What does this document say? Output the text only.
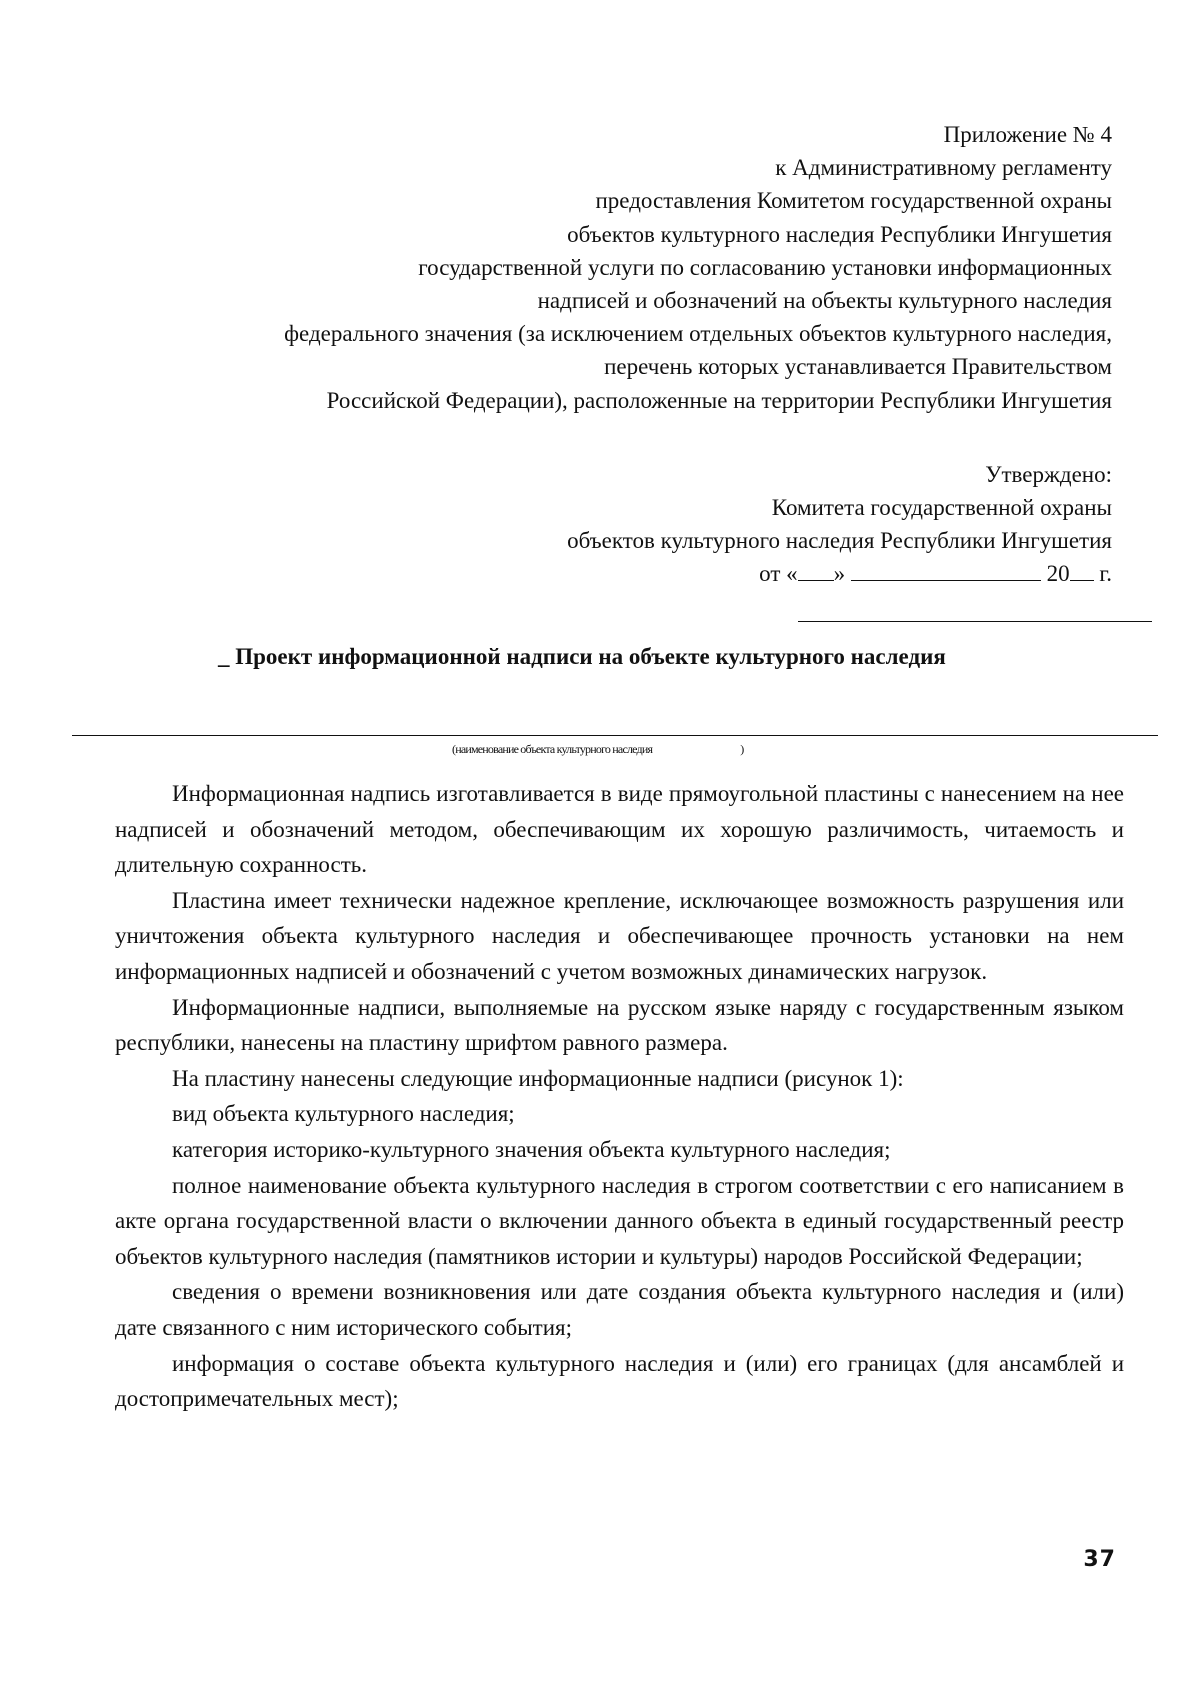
Приложение № 4
к Административному регламенту
предоставления Комитетом государственной охраны
объектов культурного наследия Республики Ингушетия
государственной услуги по согласованию установки информационных
надписей и обозначений на объекты культурного наследия
федерального значения (за исключением отдельных объектов культурного наследия,
перечень которых устанавливается Правительством
Российской Федерации), расположенные на территории Республики Ингушетия
Утверждено:
Комитета государственной охраны
объектов культурного наследия Республики Ингушетия
от « »	20 г.
_ Проект информационной надписи на объекте культурного наследия
(наименование объекта культурного наследия	)

Информационная надпись изготавливается в виде прямоугольной пластины с нанесением на нее надписей и обозначений методом, обеспечивающим их хорошую различимость, читаемость и длительную сохранность.

Пластина имеет технически надежное крепление, исключающее возможность разрушения или уничтожения объекта культурного наследия и обеспечивающее прочность установки на нем информационных надписей и обозначений с учетом возможных динамических нагрузок.

Информационные надписи, выполняемые на русском языке наряду с государственным языком республики, нанесены на пластину шрифтом равного размера.

На пластину нанесены следующие информационные надписи (рисунок 1):

вид объекта культурного наследия;

категория историко-культурного значения объекта культурного наследия;

полное наименование объекта культурного наследия в строгом соответствии с его написанием в акте органа государственной власти о включении данного объекта в единый государственный реестр объектов культурного наследия (памятников истории и культуры) народов Российской Федерации;

сведения о времени возникновения или дате создания объекта культурного наследия и (или) дате связанного с ним исторического события;

информация о составе объекта культурного наследия и (или) его границах (для ансамблей и достопримечательных мест);

37
